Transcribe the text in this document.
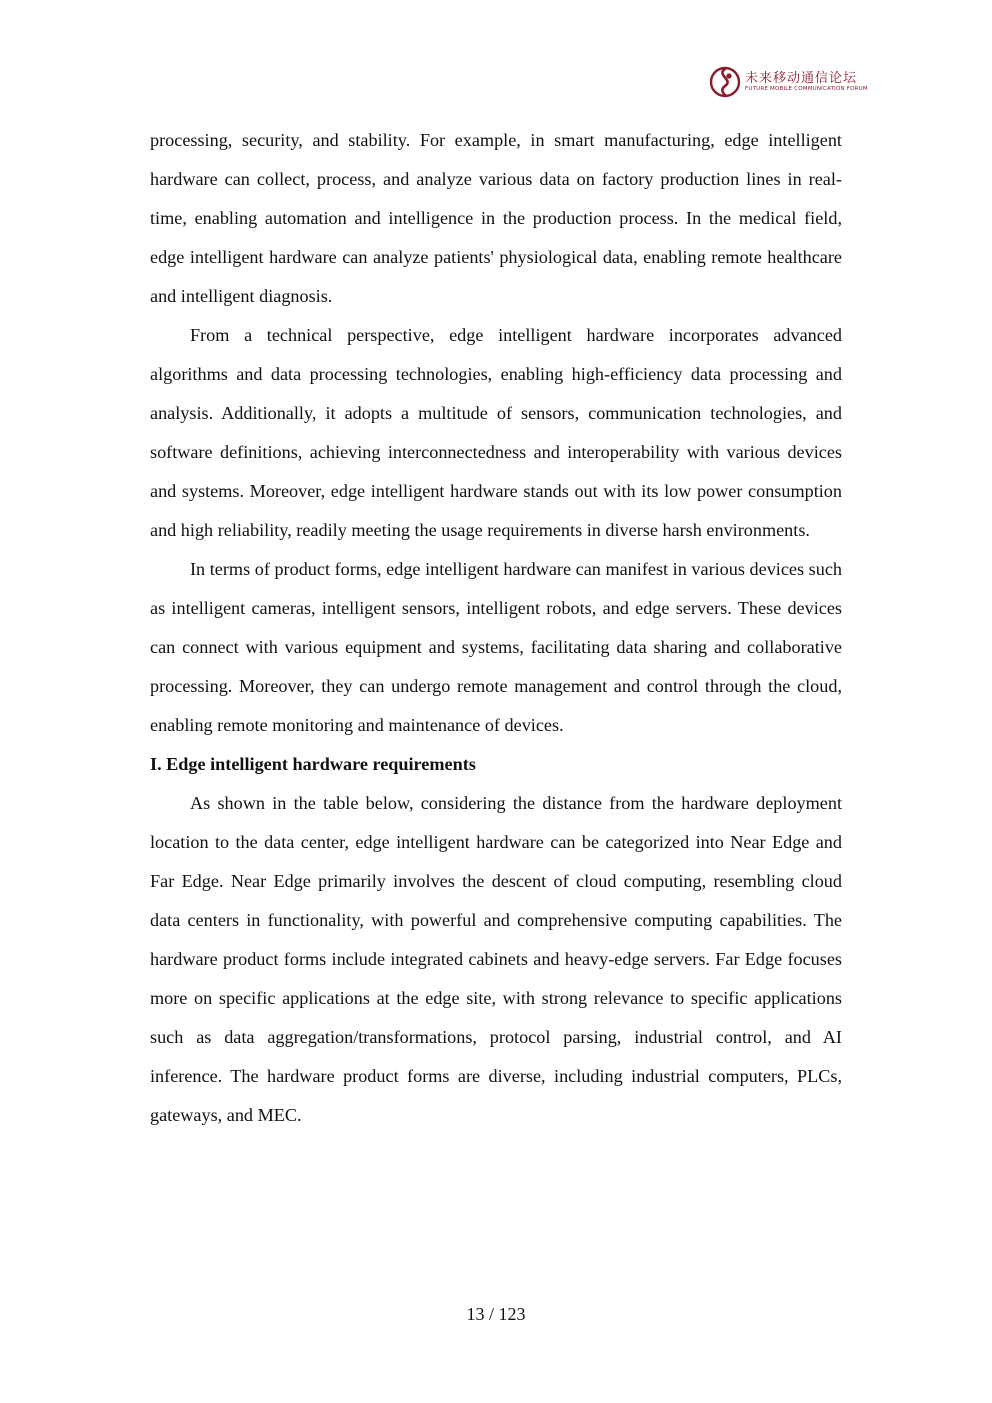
未来移动通信论坛
FUTURE MOBILE COMMUNICATION FORUM

processing, security, and stability. For example, in smart manufacturing, edge intelligent hardware can collect, process, and analyze various data on factory production lines in real-time, enabling automation and intelligence in the production process. In the medical field, edge intelligent hardware can analyze patients' physiological data, enabling remote healthcare and intelligent diagnosis.

From a technical perspective, edge intelligent hardware incorporates advanced algorithms and data processing technologies, enabling high-efficiency data processing and analysis. Additionally, it adopts a multitude of sensors, communication technologies, and software definitions, achieving interconnectedness and interoperability with various devices and systems. Moreover, edge intelligent hardware stands out with its low power consumption and high reliability, readily meeting the usage requirements in diverse harsh environments.

In terms of product forms, edge intelligent hardware can manifest in various devices such as intelligent cameras, intelligent sensors, intelligent robots, and edge servers. These devices can connect with various equipment and systems, facilitating data sharing and collaborative processing. Moreover, they can undergo remote management and control through the cloud, enabling remote monitoring and maintenance of devices.

I. Edge intelligent hardware requirements

As shown in the table below, considering the distance from the hardware deployment location to the data center, edge intelligent hardware can be categorized into Near Edge and Far Edge. Near Edge primarily involves the descent of cloud computing, resembling cloud data centers in functionality, with powerful and comprehensive computing capabilities. The hardware product forms include integrated cabinets and heavy-edge servers. Far Edge focuses more on specific applications at the edge site, with strong relevance to specific applications such as data aggregation/transformations, protocol parsing, industrial control, and AI inference. The hardware product forms are diverse, including industrial computers, PLCs, gateways, and MEC.

13 / 123
